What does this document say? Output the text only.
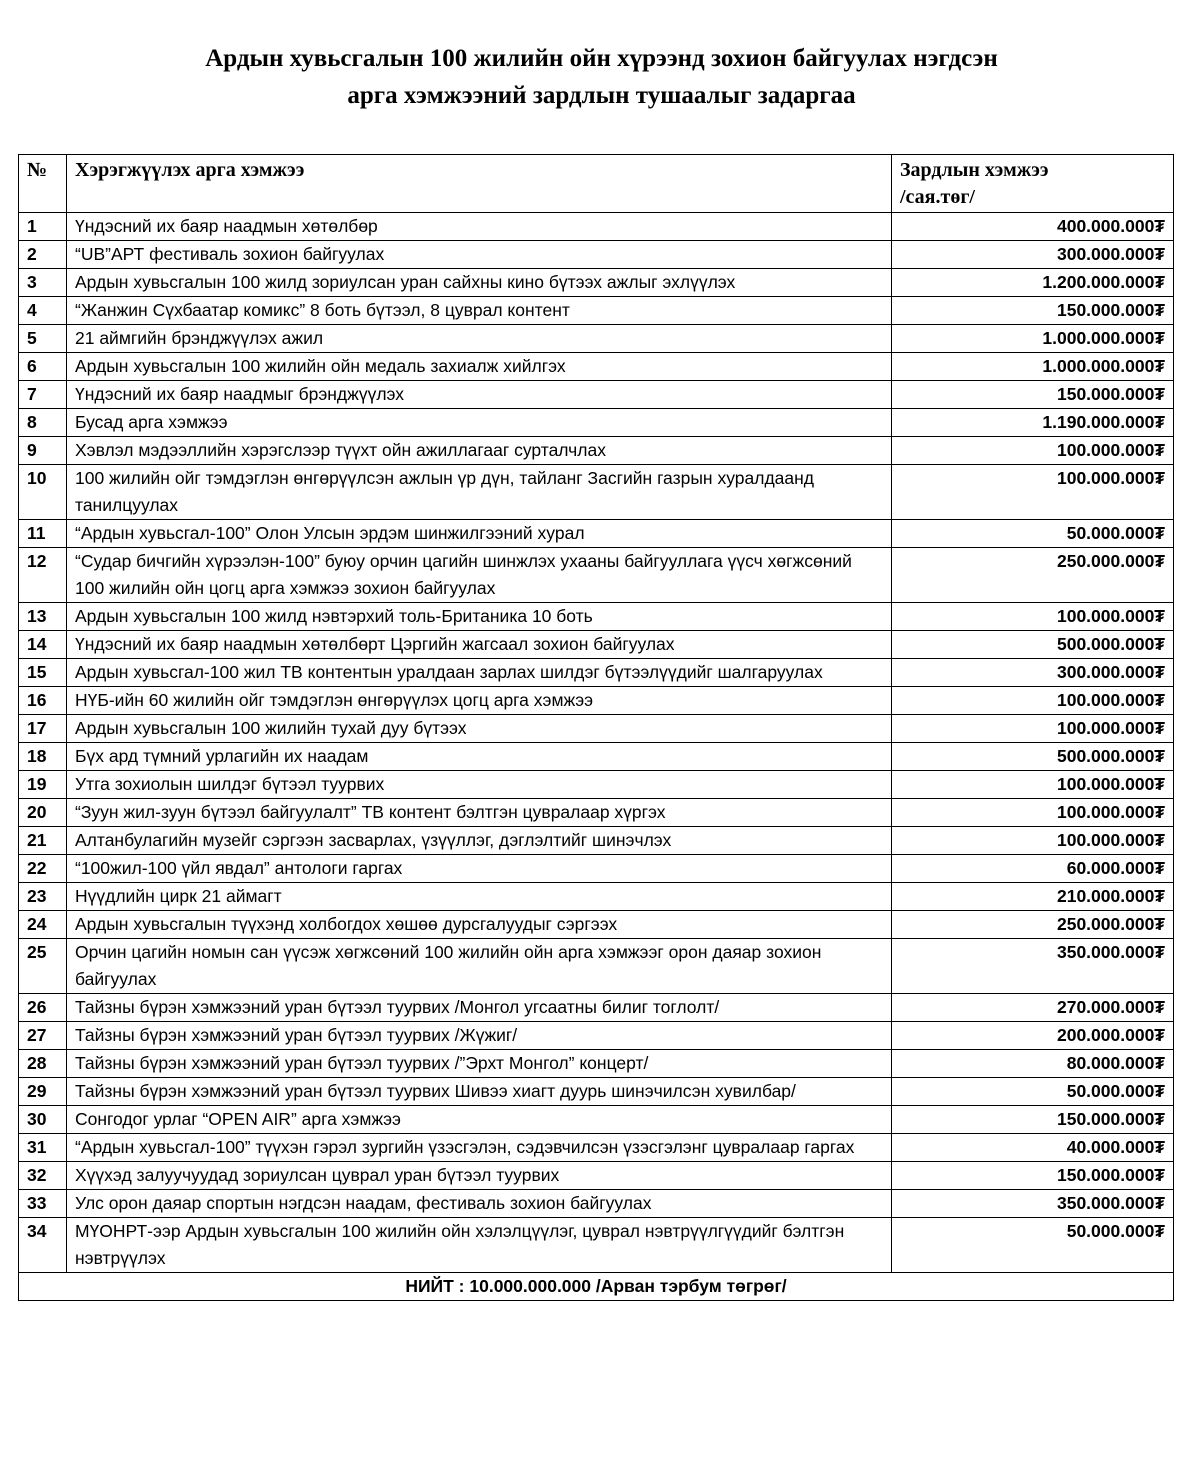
Ардын хувьсгалын 100 жилийн ойн хүрээнд зохион байгуулах нэгдсэн
арга хэмжээний зардлын тушаалыг задаргаа
№	Хэрэгжүүлэх арга хэмжээ	Зардлын хэмжээ
/сая.төг/

1	Үндэсний их баяр наадмын хөтөлбөр	400.000.000₮
2	“UB”АРТ фестиваль зохион байгуулах	300.000.000₮
3	Ардын хувьсгалын 100 жилд зориулсан уран сайхны кино бүтээх ажлыг эхлүүлэх	1.200.000.000₮
4	“Жанжин Сүхбаатар комикс” 8 боть бүтээл, 8 цуврал контент	150.000.000₮
5	21 аймгийн брэнджүүлэх ажил	1.000.000.000₮
6	Ардын хувьсгалын 100 жилийн ойн медаль захиалж хийлгэх	1.000.000.000₮
7	Үндэсний их баяр наадмыг брэнджүүлэх	150.000.000₮
8	Бусад арга хэмжээ	1.190.000.000₮
9	Хэвлэл мэдээллийн хэрэгслээр түүхт ойн ажиллагааг сурталчлах	100.000.000₮
10	100 жилийн ойг тэмдэглэн өнгөрүүлсэн ажлын үр дүн, тайланг Засгийн газрын хуралдаанд танилцуулах	100.000.000₮
11	“Ардын хувьсгал-100” Олон Улсын эрдэм шинжилгээний хурал	50.000.000₮
12	“Судар бичгийн хүрээлэн-100” буюу орчин цагийн шинжлэх ухааны байгууллага үүсч хөгжсөний 100 жилийн ойн цогц арга хэмжээ зохион байгуулах	250.000.000₮
13	Ардын хувьсгалын 100 жилд нэвтэрхий толь-Британика 10 боть	100.000.000₮
14	Үндэсний их баяр наадмын хөтөлбөрт Цэргийн жагсаал зохион байгуулах	500.000.000₮
15	Ардын хувьсгал-100 жил ТВ контентын уралдаан зарлах шилдэг бүтээлүүдийг шалгаруулах	300.000.000₮
16	НҮБ-ийн 60 жилийн ойг тэмдэглэн өнгөрүүлэх цогц арга хэмжээ	100.000.000₮
17	Ардын хувьсгалын 100 жилийн тухай дуу бүтээх	100.000.000₮
18	Бүх ард түмний урлагийн их наадам	500.000.000₮
19	Утга зохиолын шилдэг бүтээл туурвих	100.000.000₮
20	“Зуун жил-зуун бүтээл байгуулалт” ТВ контент бэлтгэн цувралаар хүргэх	100.000.000₮
21	Алтанбулагийн музейг сэргээн засварлах, үзүүллэг, дэглэлтийг шинэчлэх	100.000.000₮
22	“100жил-100 үйл явдал” антологи гаргах	60.000.000₮
23	Нүүдлийн цирк 21 аймагт	210.000.000₮
24	Ардын хувьсгалын түүхэнд холбогдох хөшөө дурсгалуудыг сэргээх	250.000.000₮
25	Орчин цагийн номын сан үүсэж хөгжсөний 100 жилийн ойн арга хэмжээг орон даяар зохион байгуулах	350.000.000₮
26	Тайзны бүрэн хэмжээний уран бүтээл туурвих /Монгол угсаатны билиг тоглолт/	270.000.000₮
27	Тайзны бүрэн хэмжээний уран бүтээл туурвих /Жүжиг/	200.000.000₮
28	Тайзны бүрэн хэмжээний уран бүтээл туурвих /”Эрхт Монгол” концерт/	80.000.000₮
29	Тайзны бүрэн хэмжээний уран бүтээл туурвих Шивээ хиагт дуурь шинэчилсэн хувилбар/	50.000.000₮
30	Сонгодог урлаг “OPEN AIR” арга хэмжээ	150.000.000₮
31	“Ардын хувьсгал-100” түүхэн гэрэл зургийн үзэсгэлэн, сэдэвчилсэн үзэсгэлэнг цувралаар гаргах	40.000.000₮
32	Хүүхэд залуучуудад зориулсан цуврал уран бүтээл туурвих	150.000.000₮
33	Улс орон даяар спортын нэгдсэн наадам, фестиваль зохион байгуулах	350.000.000₮
34	МҮОНРТ-ээр Ардын хувьсгалын 100 жилийн ойн хэлэлцүүлэг, цуврал нэвтрүүлгүүдийг бэлтгэн нэвтрүүлэх	50.000.000₮
НИЙТ : 10.000.000.000 /Арван тэрбум төгрөг/		
